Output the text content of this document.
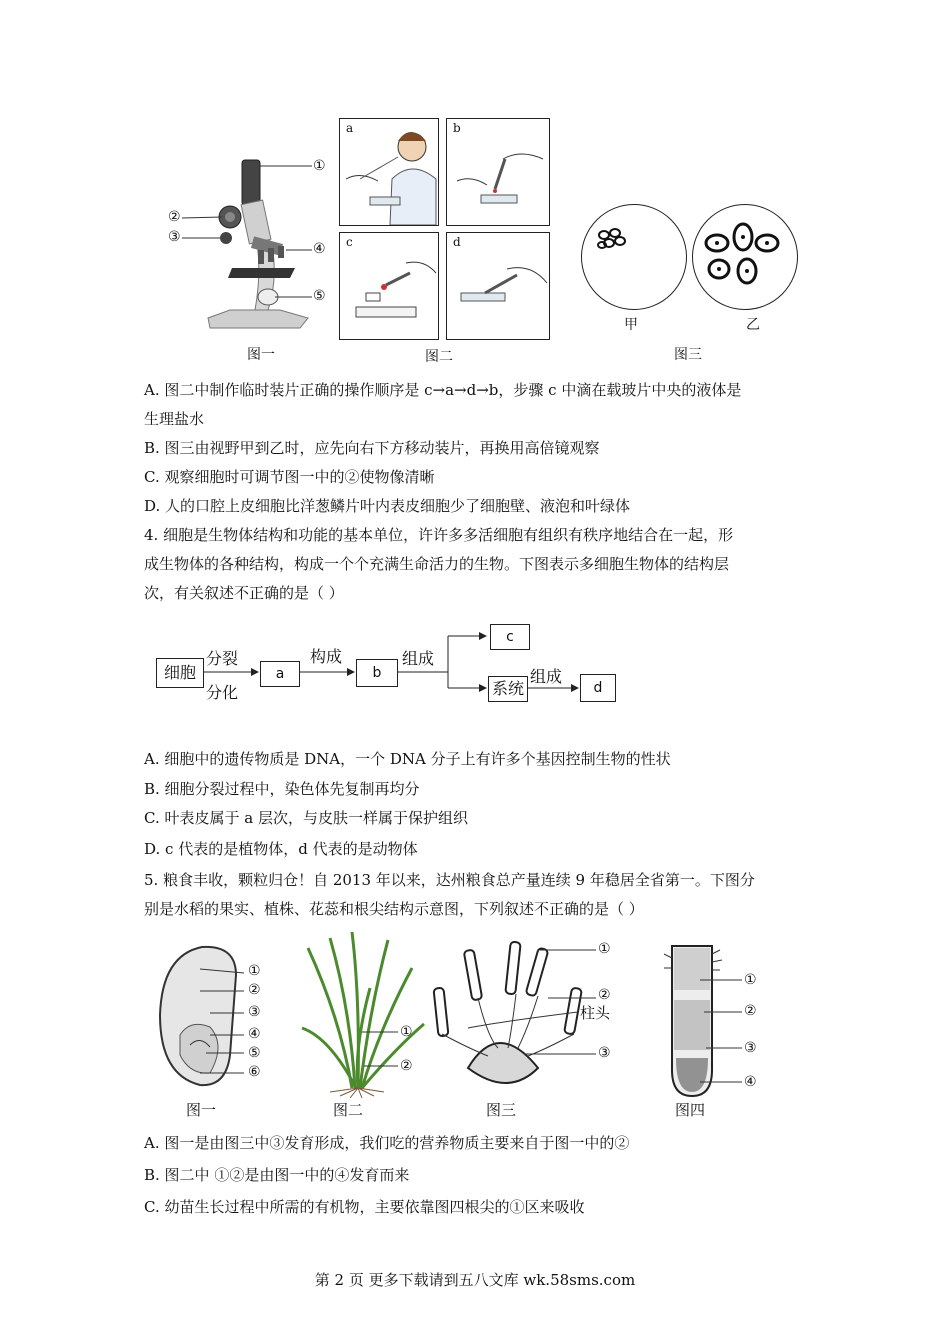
①
②
③
④
⑤
图一
a	b
c	d
图二
甲	乙
图三
A. 图二中制作临时装片正确的操作顺序是 c→a→d→b，步骤 c 中滴在载玻片中央的液体是
生理盐水
B. 图三由视野甲到乙时，应先向右下方移动装片，再换用高倍镜观察
C. 观察细胞时可调节图一中的②使物像清晰
D. 人的口腔上皮细胞比洋葱鳞片叶内表皮细胞少了细胞壁、液泡和叶绿体
4. 细胞是生物体结构和功能的基本单位，许许多多活细胞有组织有秩序地结合在一起，形
成生物体的各种结构，构成一个个充满生命活力的生物。下图表示多细胞生物体的结构层
次，有关叙述不正确的是（ ）
细胞
分裂
分化
a
构成
b
组成
c
系统
组成
d
A. 细胞中的遗传物质是 DNA，一个 DNA 分子上有许多个基因控制生物的性状
B. 细胞分裂过程中，染色体先复制再均分
C. 叶表皮属于 a 层次，与皮肤一样属于保护组织
D. c 代表的是植物体，d 代表的是动物体
5. 粮食丰收，颗粒归仓！自 2013 年以来，达州粮食总产量连续 9 年稳居全省第一。下图分
别是水稻的果实、植株、花蕊和根尖结构示意图，下列叙述不正确的是（ ）
①
②
③
④
⑤
⑥
图一
①
②
图二
①
②
柱头
③
图三
①
②
③
④
图四
A. 图一是由图三中③发育形成，我们吃的营养物质主要来自于图一中的②
B. 图二中 ①②是由图一中的④发育而来
C. 幼苗生长过程中所需的有机物，主要依靠图四根尖的①区来吸收
第 2 页 更多下载请到五八文库 wk.58sms.com
